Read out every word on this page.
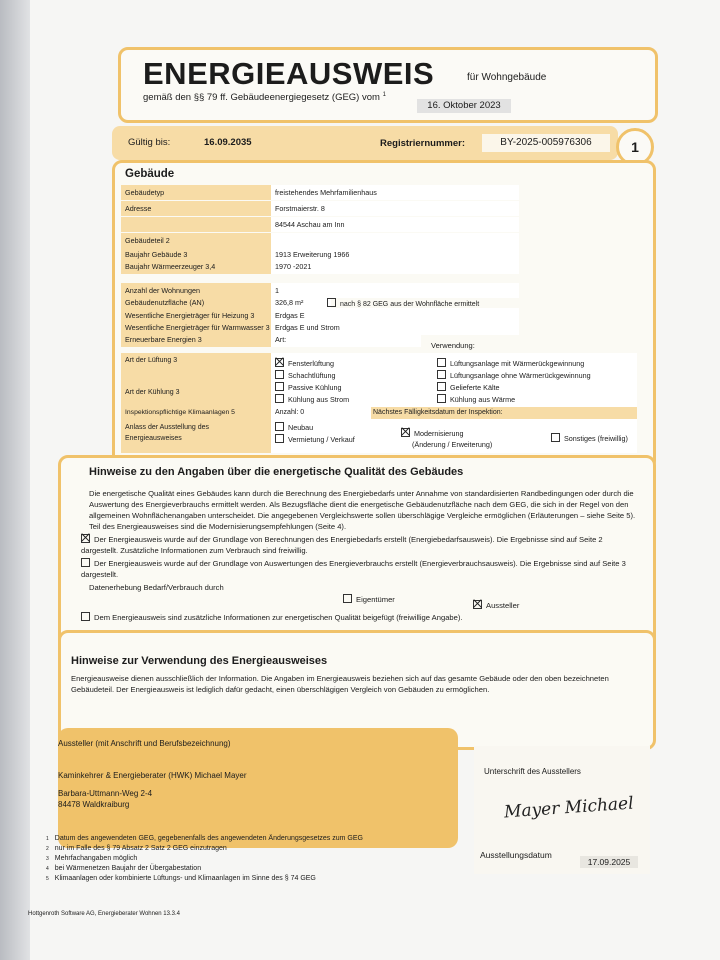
ENERGIEAUSWEIS	für Wohngebäude
gemäß den §§ 79 ff. Gebäudeenergiegesetz (GEG) vom $^1$
16. Oktober 2023
Gültig bis:	16.09.2035	Registriernummer:	BY-2025-005976306	1
Gebäude
Gebäudetyp	freistehendes Mehrfamilienhaus
Adresse	Forstmaierstr. 8
84544 Aschau am Inn
Gebäudeteil 2
Baujahr Gebäude 3	1913 Erweiterung 1966
Baujahr Wärmeerzeuger 3,4	1970 -2021
Anzahl der Wohnungen	1
Gebäudenutzfläche (AN)	326,8 m²
Wesentliche Energieträger für Heizung 3	Erdgas E
Wesentliche Energieträger für Warmwasser 3 Erdgas E und Strom
Erneuerbare Energien 3	Art:
nach § 82 GEG aus der Wohnfläche ermittelt
Verwendung:
Art der Lüftung 3
Art der Kühlung 3
Fensterlüftung	Lüftungsanlage mit Wärmerückgewinnung
Schachtlüftung	Lüftungsanlage ohne Wärmerückgewinnung
Passive Kühlung	Gelieferte Kälte
Kühlung aus Strom	Kühlung aus Wärme
Inspektionspflichtige Klimaanlagen 5	Anzahl: 0	Nächstes Fälligkeitsdatum der Inspektion:
Anlass der Ausstellung des Energieausweises
Neubau
Vermietung / Verkauf
Modernisierung
(Änderung / Erweiterung)
Sonstiges (freiwillig)
Hinweise zu den Angaben über die energetische Qualität des Gebäudes
Die energetische Qualität eines Gebäudes kann durch die Berechnung des Energiebedarfs unter Annahme von standardisierten Randbedingungen oder durch die Auswertung des Energieverbrauchs ermittelt werden. Als Bezugsfläche dient die energetische Gebäudenutzfläche nach dem GEG, die sich in der Regel von den allgemeinen Wohnflächenangaben unterscheidet. Die angegebenen Vergleichswerte sollen überschlägige Vergleiche ermöglichen (Erläuterungen – siehe Seite 5). Teil des Energieausweises sind die Modernisierungsempfehlungen (Seite 4).
Der Energieausweis wurde auf der Grundlage von Berechnungen des Energiebedarfs erstellt (Energiebedarfsausweis). Die Ergebnisse sind auf Seite 2 dargestellt. Zusätzliche Informationen zum Verbrauch sind freiwillig.
Der Energieausweis wurde auf der Grundlage von Auswertungen des Energieverbrauchs erstellt (Energieverbrauchsausweis). Die Ergebnisse sind auf Seite 3 dargestellt.
Datenerhebung Bedarf/Verbrauch durch
Eigentümer
Aussteller
Dem Energieausweis sind zusätzliche Informationen zur energetischen Qualität beigefügt (freiwillige Angabe).
Hinweise zur Verwendung des Energieausweises
Energieausweise dienen ausschließlich der Information. Die Angaben im Energieausweis beziehen sich auf das gesamte Gebäude oder den oben bezeichneten Gebäudeteil. Der Energieausweis ist lediglich dafür gedacht, einen überschlägigen Vergleich von Gebäuden zu ermöglichen.
Aussteller (mit Anschrift und Berufsbezeichnung)
Kaminkehrer & Energieberater (HWK) Michael Mayer
Barbara-Uttmann-Weg 2-4
84478 Waldkraiburg
Unterschrift des Ausstellers
Mayer Michael
Ausstellungsdatum
17.09.2025
1 Datum des angewendeten GEG, gegebenenfalls des angewendeten Änderungsgesetzes zum GEG
2 nur im Falle des § 79 Absatz 2 Satz 2 GEG einzutragen
3 Mehrfachangaben möglich
4 bei Wärmenetzen Baujahr der Übergabestation
5 Klimaanlagen oder kombinierte Lüftungs- und Klimaanlagen im Sinne des § 74 GEG
Hottgenroth Software AG, Energieberater Wohnen 13.3.4
